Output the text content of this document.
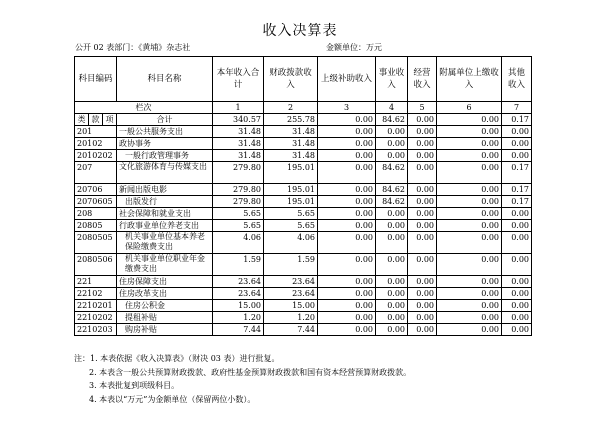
收入决算表
公开 02 表部门：《黄埔》杂志社	金额单位：万元
科目编码			科目名称	本年收入合计	财政拨款收入	上级补助收入	事业收入	经营收入	附属单位上缴收入	其他收入
栏次				1	2	3	4	5	6	7
类	款	项	合计	340.57	255.78	0.00	84.62	0.00	0.00	0.17
201			一般公共服务支出	31.48	31.48	0.00	0.00	0.00	0.00	0.00
20102			政协事务	31.48	31.48	0.00	0.00	0.00	0.00	0.00
2010202			一般行政管理事务	31.48	31.48	0.00	0.00	0.00	0.00	0.00
207			文化旅游体育与传媒支出	279.80	195.01	0.00	84.62	0.00	0.00	0.17
20706			新闻出版电影	279.80	195.01	0.00	84.62	0.00	0.00	0.17
2070605			出版发行	279.80	195.01	0.00	84.62	0.00	0.00	0.17
208			社会保障和就业支出	5.65	5.65	0.00	0.00	0.00	0.00	0.00
20805			行政事业单位养老支出	5.65	5.65	0.00	0.00	0.00	0.00	0.00
2080505			机关事业单位基本养老保险缴费支出	4.06	4.06	0.00	0.00	0.00	0.00	0.00
2080506			机关事业单位职业年金缴费支出	1.59	1.59	0.00	0.00	0.00	0.00	0.00
221			住房保障支出	23.64	23.64	0.00	0.00	0.00	0.00	0.00
22102			住房改革支出	23.64	23.64	0.00	0.00	0.00	0.00	0.00
2210201			住房公积金	15.00	15.00	0.00	0.00	0.00	0.00	0.00
2210202			提租补贴	1.20	1.20	0.00	0.00	0.00	0.00	0.00
2210203			购房补贴	7.44	7.44	0.00	0.00	0.00	0.00	0.00
注：1. 本表依据《收入决算表》（财决 03 表）进行批复。
2. 本表含一般公共预算财政拨款、政府性基金预算财政拨款和国有资本经营预算财政拨款。
3. 本表批复到项级科目。
4. 本表以“万元”为金额单位（保留两位小数）。
